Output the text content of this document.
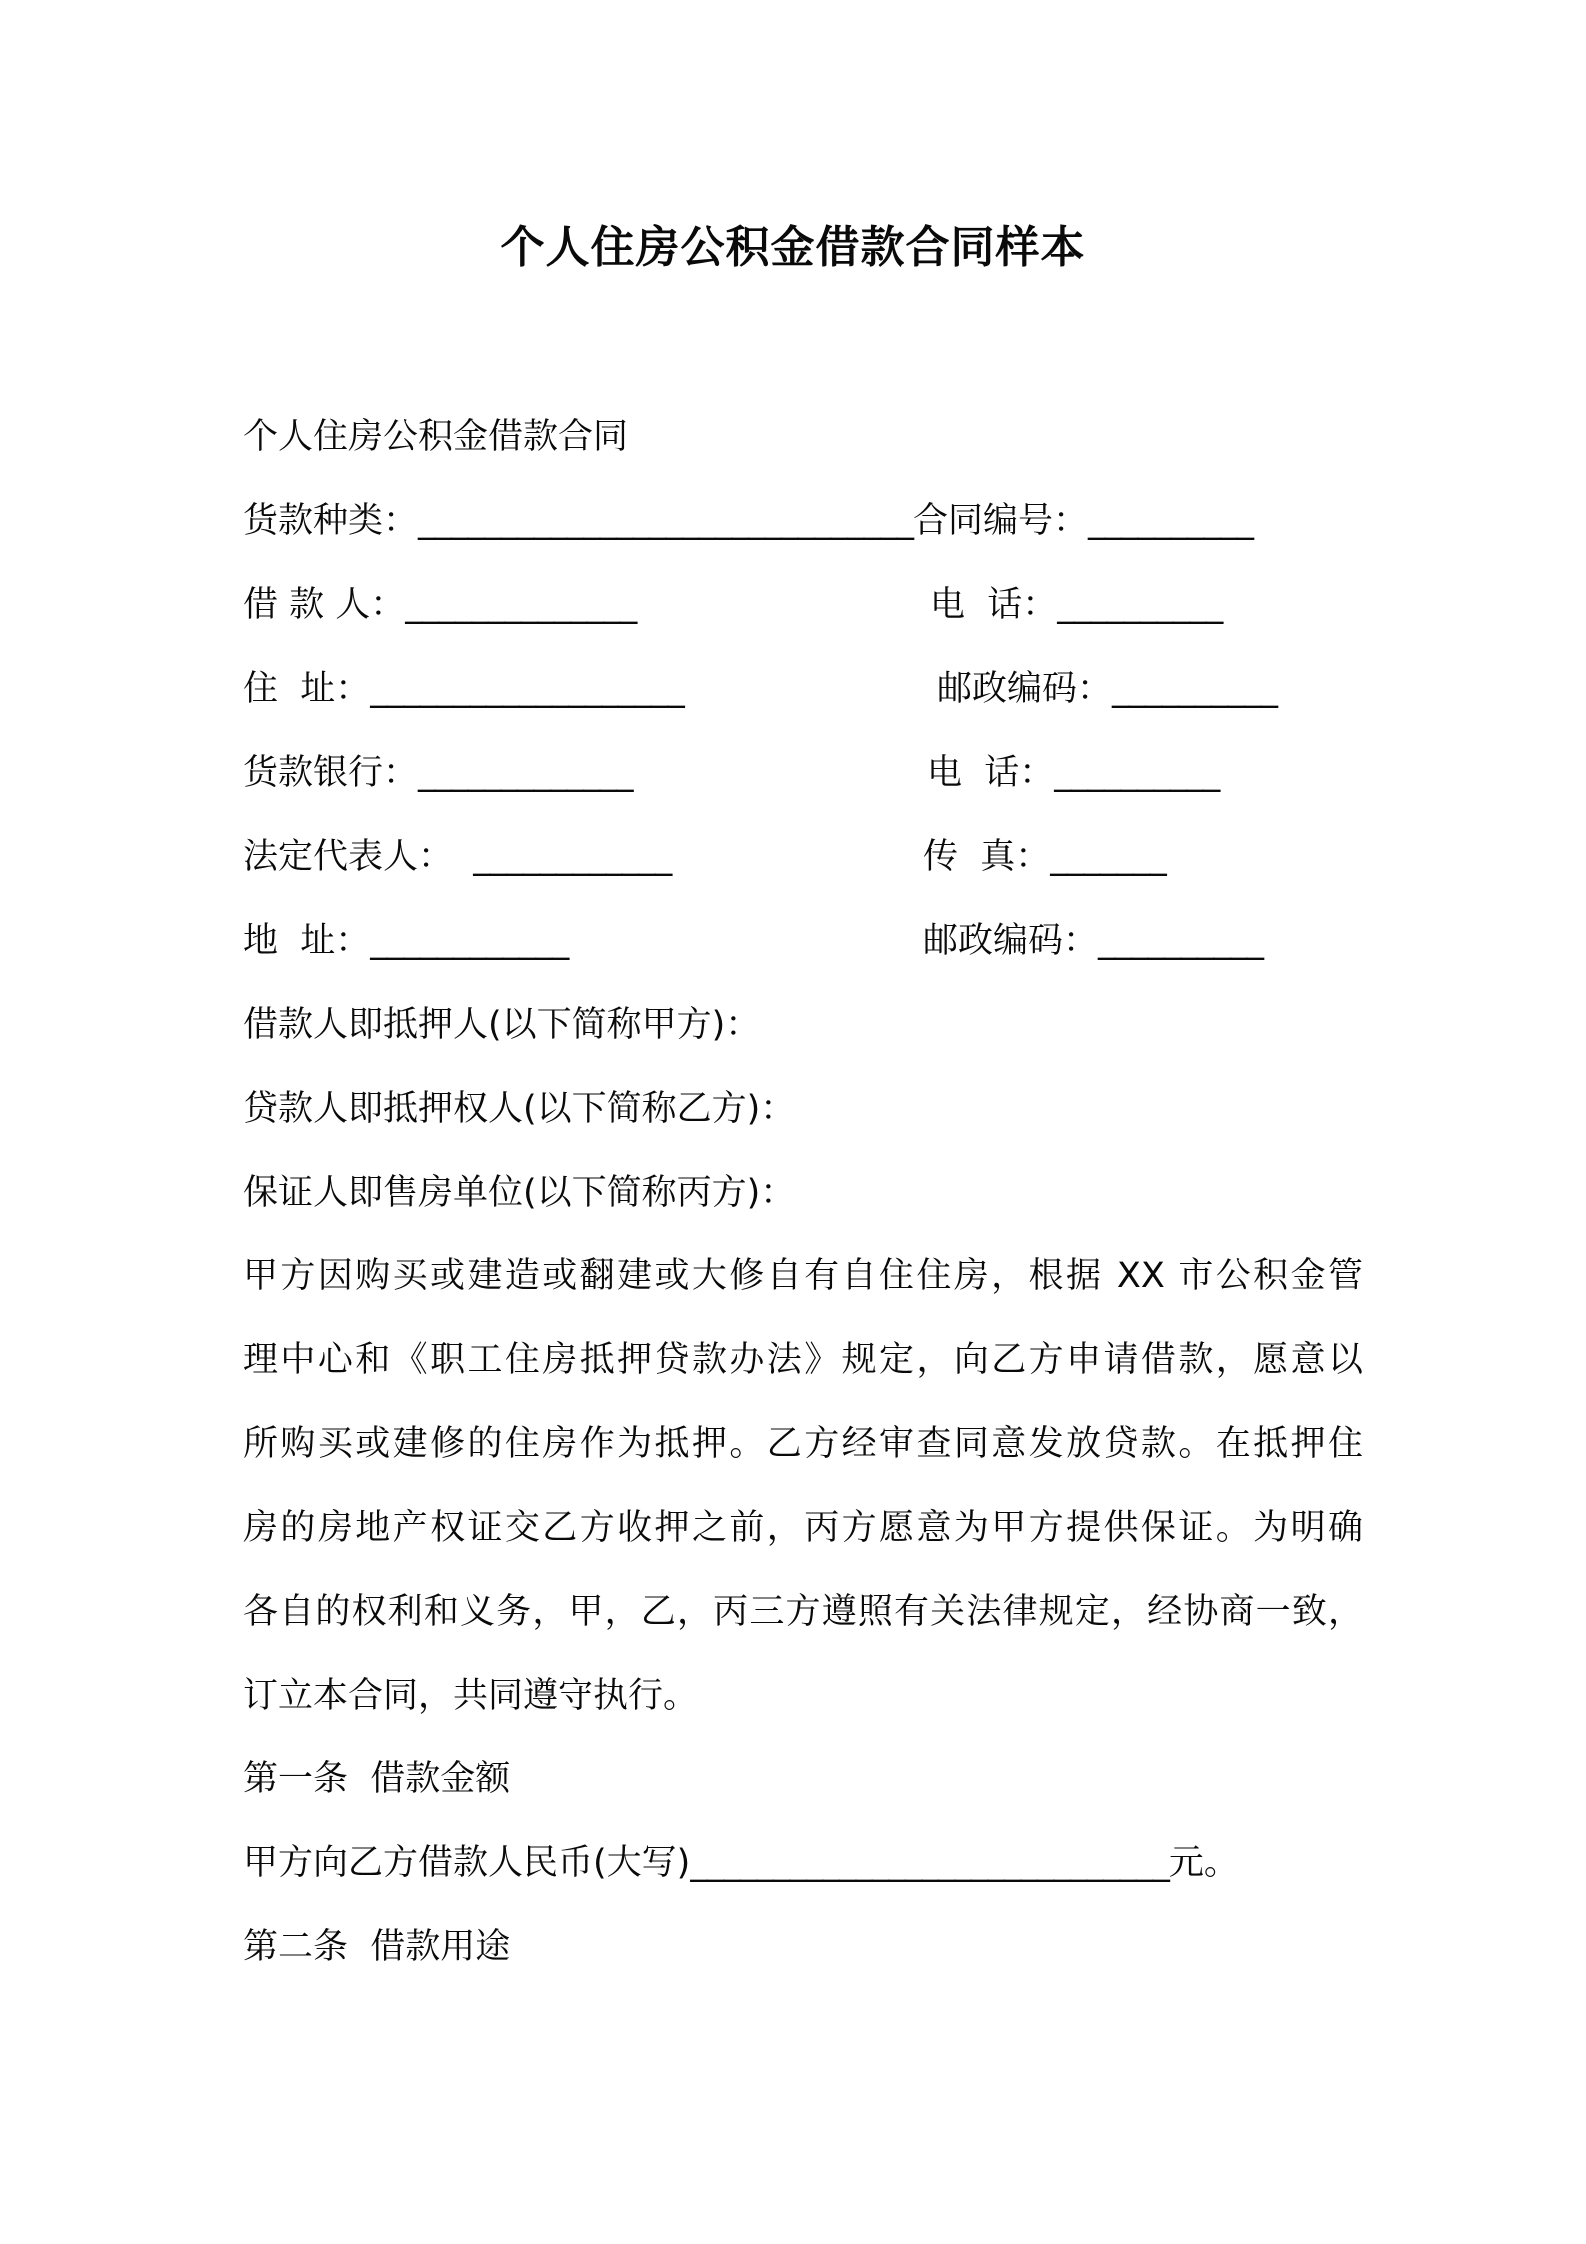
个人住房公积金借款合同样本
个人住房公积金借款合同
货款种类：______________________________合同编号：__________
借 款 人：______________	电  话：__________
住  址：___________________	邮政编码：__________
货款银行：_____________	电  话：__________
法定代表人：  ____________	传  真：_______
地  址：____________	邮政编码：__________
借款人即抵押人(以下简称甲方)：
贷款人即抵押权人(以下简称乙方)：
保证人即售房单位(以下简称丙方)：
甲方因购买或建造或翻建或大修自有自住住房，根据 XX 市公积金管
理中心和《职工住房抵押贷款办法》规定，向乙方申请借款，愿意以
所购买或建修的住房作为抵押。乙方经审查同意发放贷款。在抵押住
房的房地产权证交乙方收押之前，丙方愿意为甲方提供保证。为明确
各自的权利和义务，甲，乙，丙三方遵照有关法律规定，经协商一致，
订立本合同，共同遵守执行。
第一条  借款金额
甲方向乙方借款人民币(大写)_____________________________元。
第二条  借款用途
